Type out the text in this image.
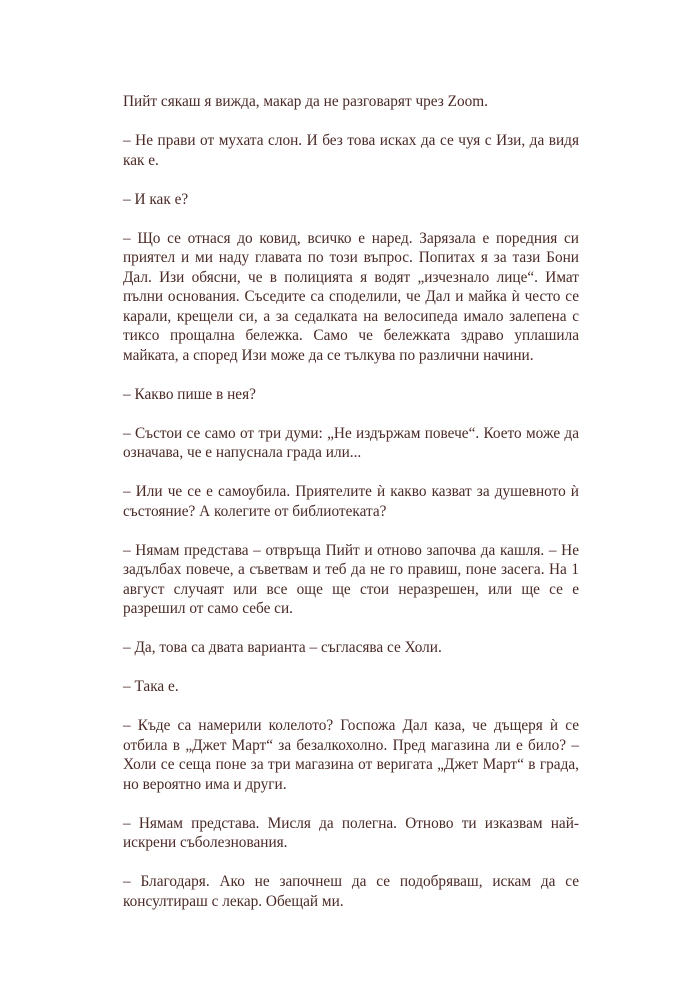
Пийт сякаш я вижда, макар да не разговарят чрез Zoom.

– Не прави от мухата слон. И без това исках да се чуя с Изи, да видя как е.

– И как е?

– Що се отнася до ковид, всичко е наред. Зарязала е поредния си приятел и ми наду главата по този въпрос. Попитах я за тази Бони Дал. Изи обясни, че в полицията я водят „изчезнало лице“. Имат пълни основания. Съседите са споделили, че Дал и майка ѝ често се карали, крещели си, а за седалката на велосипеда имало залепена с тиксо прощална бележка. Само че бележката здраво уплашила майката, а според Изи може да се тълкува по различни начини.

– Какво пише в нея?

– Състои се само от три думи: „Не издържам повече“. Което може да означава, че е напуснала града или...

– Или че се е самоубила. Приятелите ѝ какво казват за душевното ѝ състояние? А колегите от библиотеката?

– Нямам представа – отвръща Пийт и отново започва да кашля. – Не задълбах повече, а съветвам и теб да не го правиш, поне засега. На 1 август случаят или все още ще стои неразрешен, или ще се е разрешил от само себе си.

– Да, това са двата варианта – съгласява се Холи.

– Така е.

– Къде са намерили колелото? Госпожа Дал каза, че дъщеря ѝ се отбила в „Джет Март“ за безалкохолно. Пред магазина ли е било? – Холи се сеща поне за три магазина от веригата „Джет Март“ в града, но вероятно има и други.

– Нямам представа. Мисля да полегна. Отново ти изказвам най-искрени съболезнования.

– Благодаря. Ако не започнеш да се подобряваш, искам да се консултираш с лекар. Обещай ми.
